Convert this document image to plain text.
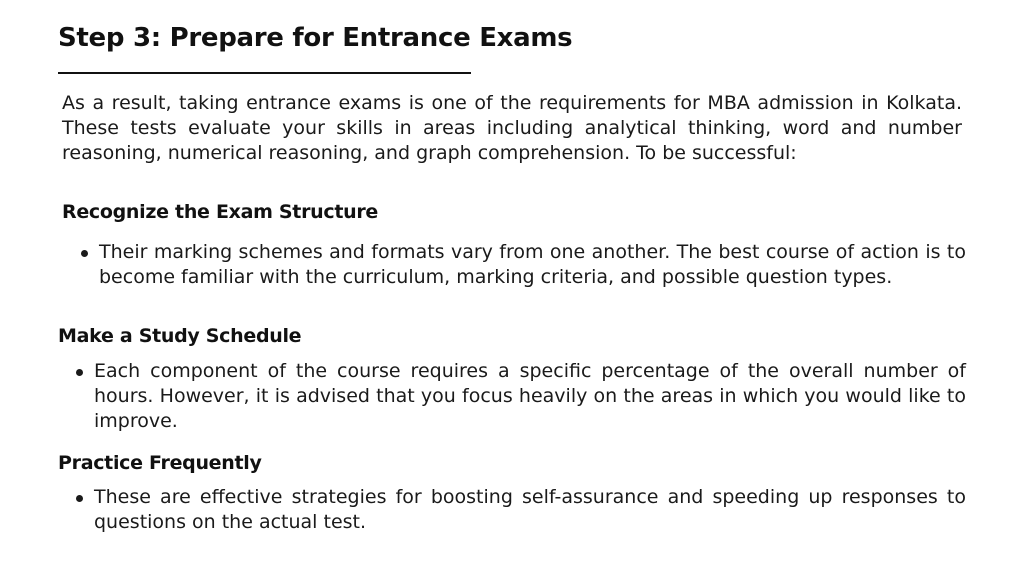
Step 3: Prepare for Entrance Exams

As a result, taking entrance exams is one of the requirements for MBA admission in Kolkata. These tests evaluate your skills in areas including analytical thinking, word and number reasoning, numerical reasoning, and graph comprehension. To be successful:

Recognize the Exam Structure

Their marking schemes and formats vary from one another. The best course of action is to become familiar with the curriculum, marking criteria, and possible question types.

Make a Study Schedule

Each component of the course requires a specific percentage of the overall number of hours. However, it is advised that you focus heavily on the areas in which you would like to improve.

Practice Frequently

These are effective strategies for boosting self-assurance and speeding up responses to questions on the actual test.
